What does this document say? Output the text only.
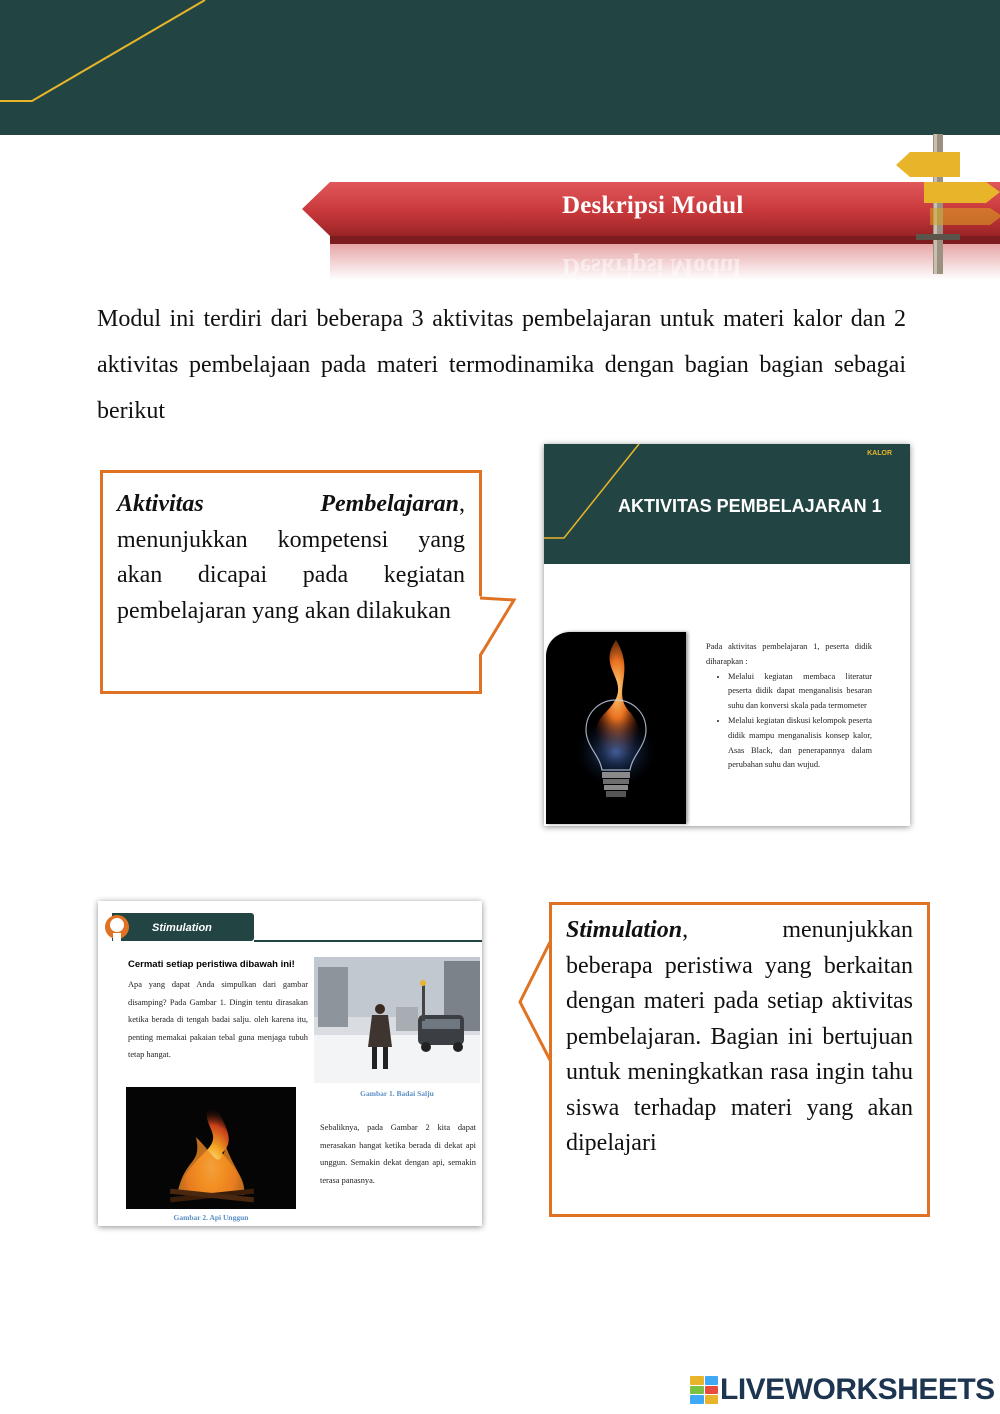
Deskripsi Modul
Deskripsi Modul

Modul ini terdiri dari beberapa 3 aktivitas pembelajaran untuk materi kalor dan 2 aktivitas pembelajaan pada materi termodinamika dengan bagian bagian sebagai berikut

Aktivitas Pembelajaran, menunjukkan kompetensi yang akan dicapai pada kegiatan pembelajaran yang akan dilakukan
KALOR
AKTIVITAS PEMBELAJARAN 1

Pada aktivitas pembelajaran 1, peserta didik diharapkan :

• Melalui kegiatan membaca literatur peserta didik dapat menganalisis besaran suhu dan konversi skala pada termometer
• Melalui kegiatan diskusi kelompok peserta didik mampu menganalisis konsep kalor, Asas Black, dan penerapannya dalam perubahan suhu dan wujud.
Stimulation
Cermati setiap peristiwa dibawah ini!

Apa yang dapat Anda simpulkan dari gambar disamping? Pada Gambar 1. Dingin tentu dirasakan ketika berada di tengah badai salju. oleh karena itu, penting memakai pakaian tebal guna menjaga tubuh tetap hangat.

Gambar 1. Badai Salju
Gambar 2. Api Unggun

Sebaliknya, pada Gambar 2 kita dapat merasakan hangat ketika berada di dekat api unggun. Semakin dekat dengan api, semakin terasa panasnya.

Stimulation, menunjukkan beberapa peristiwa yang berkaitan dengan materi pada setiap aktivitas pembelajaran. Bagian ini bertujuan untuk meningkatkan rasa ingin tahu siswa terhadap materi yang akan dipelajari
LIVEWORKSHEETS
